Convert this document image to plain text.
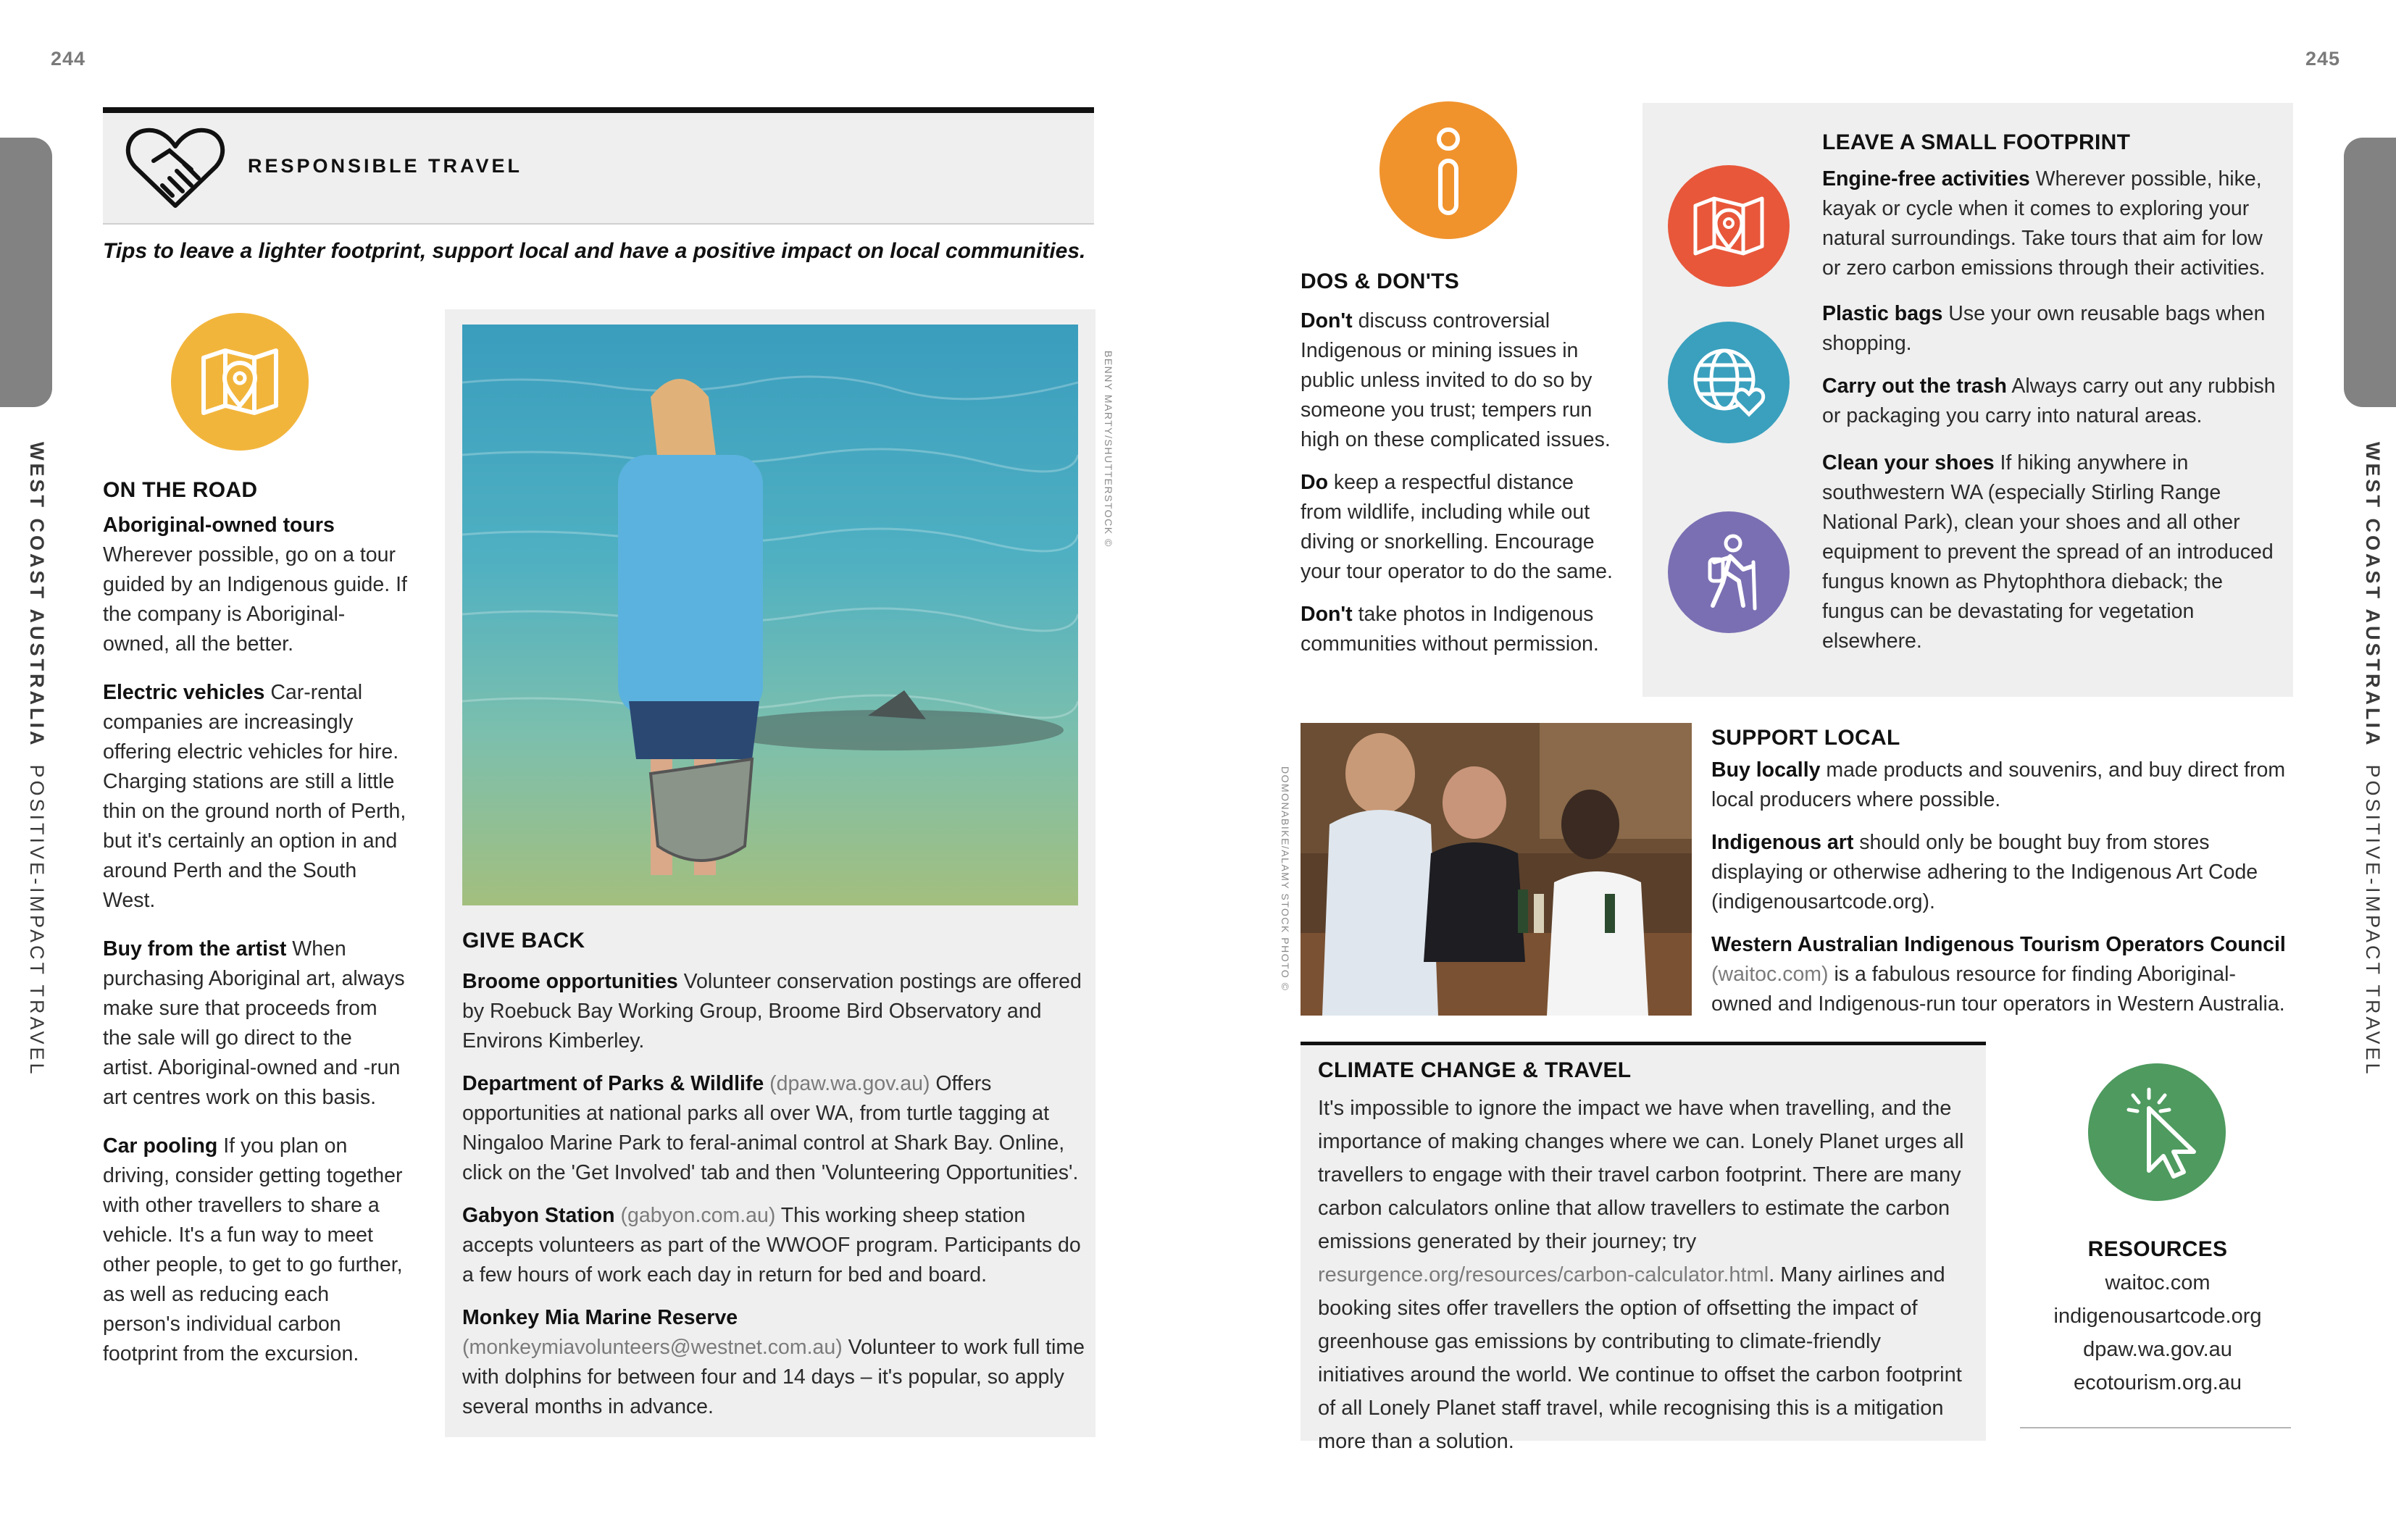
244	245
WEST COAST AUSTRALIA  POSITIVE-IMPACT TRAVEL
WEST COAST AUSTRALIA  POSITIVE-IMPACT TRAVEL
RESPONSIBLE TRAVEL
Tips to leave a lighter footprint, support local and have a positive impact on local communities.
ON THE ROAD

Aboriginal-owned tours
Wherever possible, go on a tour guided by an Indigenous guide. If the company is Aboriginal-owned, all the better.

Electric vehicles Car-rental companies are increasingly offering electric vehicles for hire. Charging stations are still a little thin on the ground north of Perth, but it's certainly an option in and around Perth and the South West.

Buy from the artist When purchasing Aboriginal art, always make sure that proceeds from the sale will go direct to the artist. Aboriginal-owned and -run art centres work on this basis.

Car pooling If you plan on driving, consider getting together with other travellers to share a vehicle. It's a fun way to meet other people, to get to go further, as well as reducing each person's individual carbon footprint from the excursion.

BENNY MARTY/SHUTTERSTOCK ©
GIVE BACK

Broome opportunities Volunteer conservation postings are offered by Roebuck Bay Working Group, Broome Bird Observatory and Environs Kimberley.

Department of Parks & Wildlife (dpaw.wa.gov.au) Offers opportunities at national parks all over WA, from turtle tagging at Ningaloo Marine Park to feral-animal control at Shark Bay. Online, click on the 'Get Involved' tab and then 'Volunteering Opportunities'.

Gabyon Station (gabyon.com.au) This working sheep station accepts volunteers as part of the WWOOF program. Participants do a few hours of work each day in return for bed and board.

Monkey Mia Marine Reserve (monkeymiavolunteers@westnet.com.au) Volunteer to work full time with dolphins for between four and 14 days – it's popular, so apply several months in advance.

DOS & DON'TS

Don't discuss controversial Indigenous or mining issues in public unless invited to do so by someone you trust; tempers run high on these complicated issues.

Do keep a respectful distance from wildlife, including while out diving or snorkelling. Encourage your tour operator to do the same.

Don't take photos in Indigenous communities without permission.

LEAVE A SMALL FOOTPRINT

Engine-free activities Wherever possible, hike, kayak or cycle when it comes to exploring your natural surroundings. Take tours that aim for low or zero carbon emissions through their activities.

Plastic bags Use your own reusable bags when shopping.

Carry out the trash Always carry out any rubbish or packaging you carry into natural areas.

Clean your shoes If hiking anywhere in southwestern WA (especially Stirling Range National Park), clean your shoes and all other equipment to prevent the spread of an introduced fungus known as Phytophthora dieback; the fungus can be devastating for vegetation elsewhere.

DOMONABIKE/ALAMY STOCK PHOTO ©
SUPPORT LOCAL

Buy locally made products and souvenirs, and buy direct from local producers where possible.

Indigenous art should only be bought buy from stores displaying or otherwise adhering to the Indigenous Art Code (indigenousartcode.org).

Western Australian Indigenous Tourism Operators Council
(waitoc.com) is a fabulous resource for finding Aboriginal-owned and Indigenous-run tour operators in Western Australia.

CLIMATE CHANGE & TRAVEL
It's impossible to ignore the impact we have when travelling, and the importance of making changes where we can. Lonely Planet urges all travellers to engage with their travel carbon footprint. There are many carbon calculators online that allow travellers to estimate the carbon emissions generated by their journey; try resurgence.org/resources/carbon-calculator.html. Many airlines and booking sites offer travellers the option of offsetting the impact of greenhouse gas emissions by contributing to climate-friendly initiatives around the world. We continue to offset the carbon footprint of all Lonely Planet staff travel, while recognising this is a mitigation more than a solution.
RESOURCES
waitoc.com
indigenousartcode.org
dpaw.wa.gov.au
ecotourism.org.au
